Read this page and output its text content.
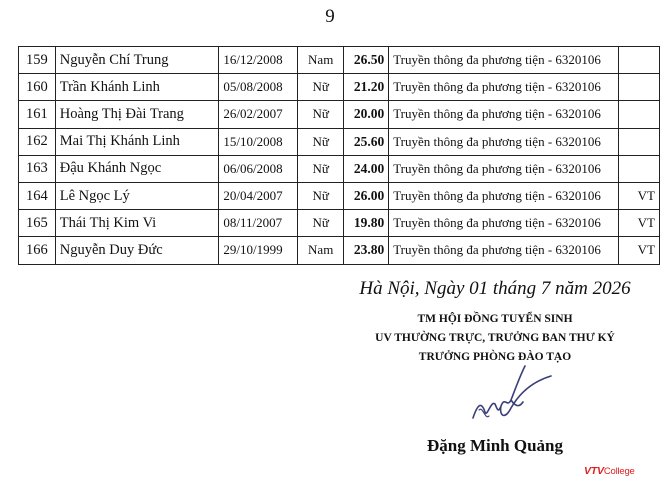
9
159	Nguyễn Chí Trung	16/12/2008	Nam	26.50	Truyền thông đa phương tiện - 6320106	
160	Trần Khánh Linh	05/08/2008	Nữ	21.20	Truyền thông đa phương tiện - 6320106	
161	Hoàng Thị Đài Trang	26/02/2007	Nữ	20.00	Truyền thông đa phương tiện - 6320106	
162	Mai Thị Khánh Linh	15/10/2008	Nữ	25.60	Truyền thông đa phương tiện - 6320106	
163	Đậu Khánh Ngọc	06/06/2008	Nữ	24.00	Truyền thông đa phương tiện - 6320106	
164	Lê Ngọc Lý	20/04/2007	Nữ	26.00	Truyền thông đa phương tiện - 6320106	VT
165	Thái Thị Kim Vi	08/11/2007	Nữ	19.80	Truyền thông đa phương tiện - 6320106	VT
166	Nguyễn Duy Đức	29/10/1999	Nam	23.80	Truyền thông đa phương tiện - 6320106	VT
Hà Nội, Ngày 01 tháng 7 năm 2026
TM HỘI ĐỒNG TUYỂN SINH
UV THƯỜNG TRỰC, TRƯỞNG BAN THƯ KÝ
TRƯỞNG PHÒNG ĐÀO TẠO
Đặng Minh Quảng
VTVCollege
